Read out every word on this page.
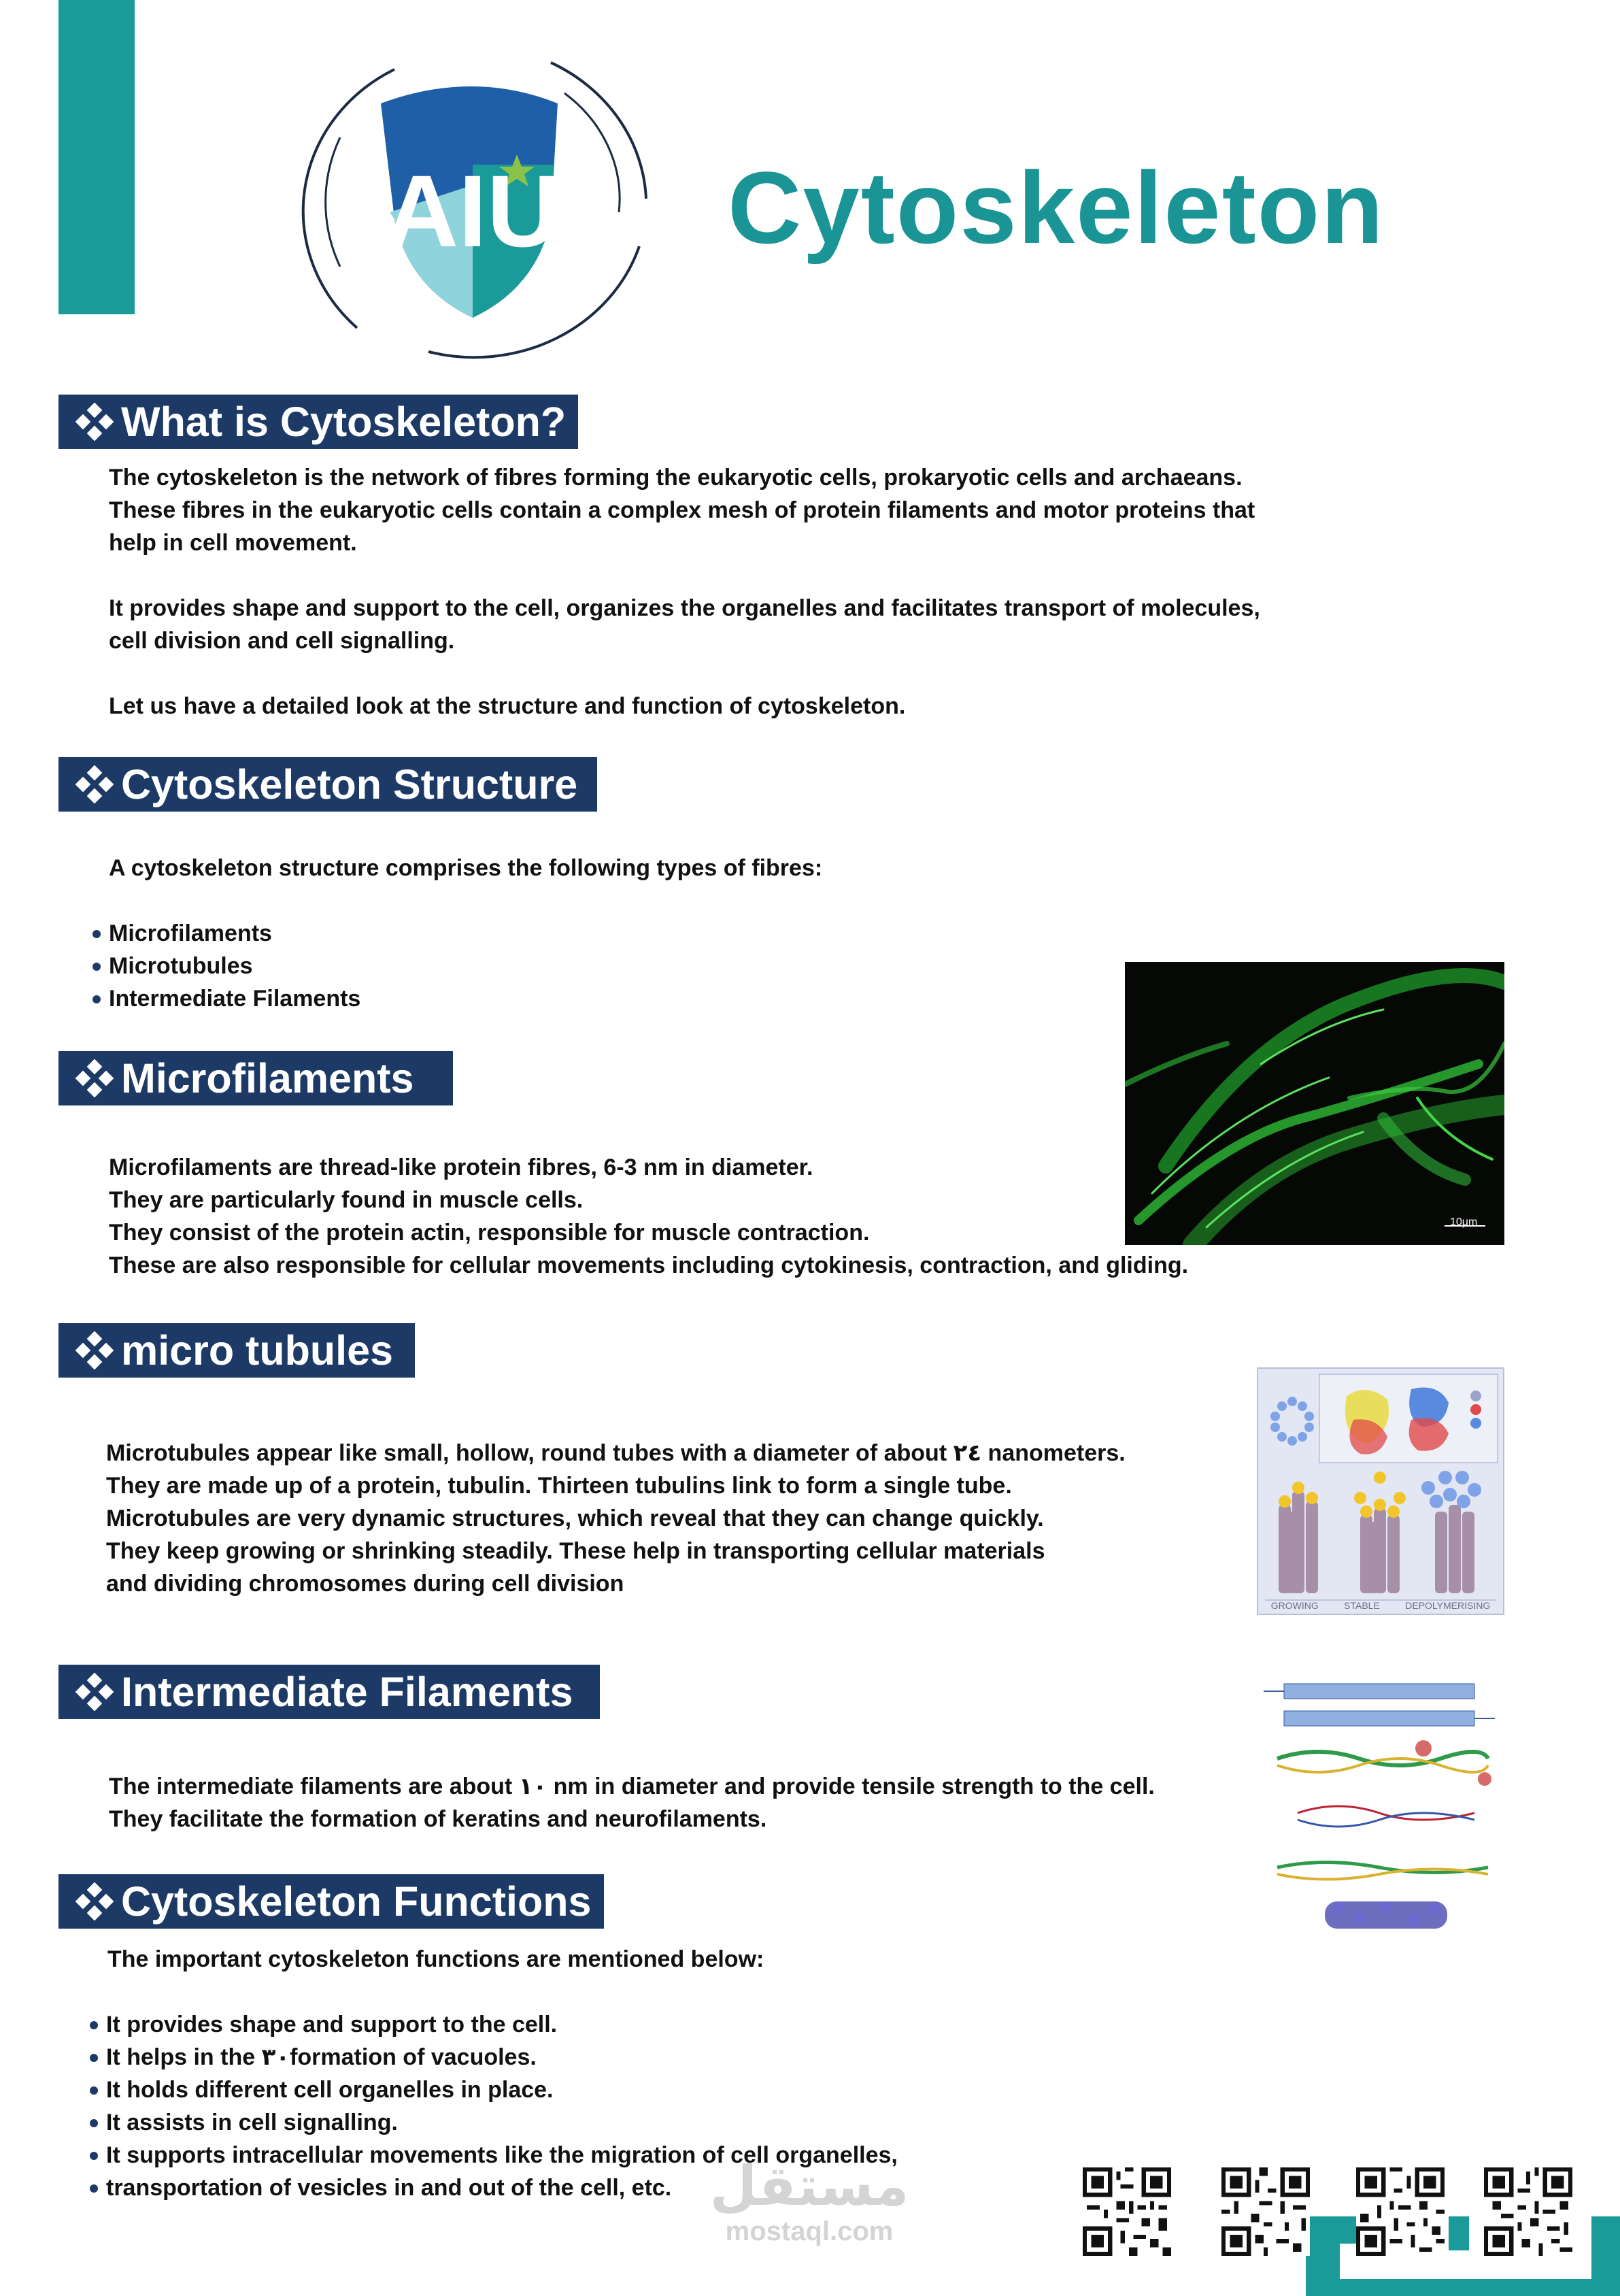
AIU Cytoskeleton
What is Cytoskeleton?

The cytoskeleton is the network of fibres forming the eukaryotic cells, prokaryotic cells and archaeans.

These fibres in the eukaryotic cells contain a complex mesh of protein filaments and motor proteins that

help in cell movement.

It provides shape and support to the cell, organizes the organelles and facilitates transport of molecules,

cell division and cell signalling.

Let us have a detailed look at the structure and function of cytoskeleton.

Cytoskeleton Structure

A cytoskeleton structure comprises the following types of fibres:

Microfilaments
Microtubules
Intermediate Filaments
Microfilaments

Microfilaments are thread-like protein fibres, 6-3 nm in diameter.

They are particularly found in muscle cells.

They consist of the protein actin, responsible for muscle contraction.

These are also responsible for cellular movements including cytokinesis, contraction, and gliding.

10μm
micro tubules

Microtubules appear like small, hollow, round tubes with a diameter of about ٢٤ nanometers.

They are made up of a protein, tubulin. Thirteen tubulins link to form a single tube.

Microtubules are very dynamic structures, which reveal that they can change quickly.

They keep growing or shrinking steadily. These help in transporting cellular materials

and dividing chromosomes during cell division

GROWING	STABLE	DEPOLYMERISING
Intermediate Filaments

The intermediate filaments are about ١٠ nm in diameter and provide tensile strength to the cell.

They facilitate the formation of keratins and neurofilaments.

Cytoskeleton Functions

The important cytoskeleton functions are mentioned below:

It provides shape and support to the cell.
It helps in the ٣٠formation of vacuoles.
It holds different cell organelles in place.
It assists in cell signalling.
It supports intracellular movements like the migration of cell organelles,
transportation of vesicles in and out of the cell, etc. مستقل
mostaql.com
